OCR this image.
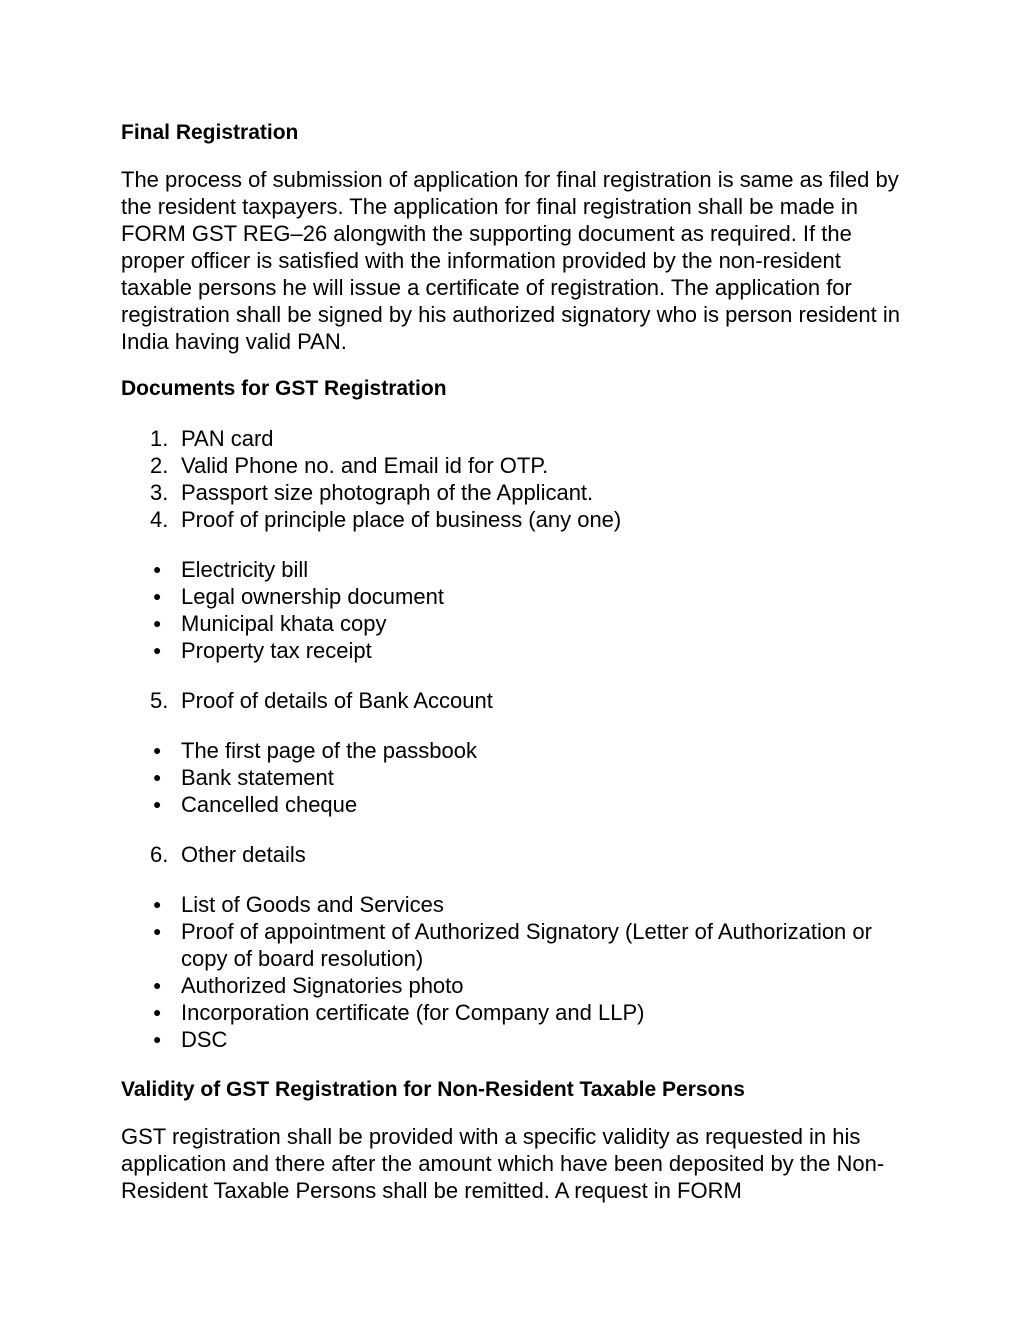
Final Registration

The process of submission of application for final registration is same as filed by the resident taxpayers. The application for final registration shall be made in FORM GST REG–26 alongwith the supporting document as required. If the proper officer is satisfied with the information provided by the non-resident taxable persons he will issue a certificate of registration. The application for registration shall be signed by his authorized signatory who is person resident in India having valid PAN.

Documents for GST Registration
1. PAN card
2. Valid Phone no. and Email id for OTP.
3. Passport size photograph of the Applicant.
4. Proof of principle place of business (any one)
● Electricity bill
● Legal ownership document
● Municipal khata copy
● Property tax receipt
5. Proof of details of Bank Account
● The first page of the passbook
● Bank statement
● Cancelled cheque
6. Other details
● List of Goods and Services
● Proof of appointment of Authorized Signatory (Letter of Authorization or copy of board resolution)
● Authorized Signatories photo
● Incorporation certificate (for Company and LLP)
● DSC
Validity of GST Registration for Non-Resident Taxable Persons

GST registration shall be provided with a specific validity as requested in his application and there after the amount which have been deposited by the Non-Resident Taxable Persons shall be remitted. A request in FORM
